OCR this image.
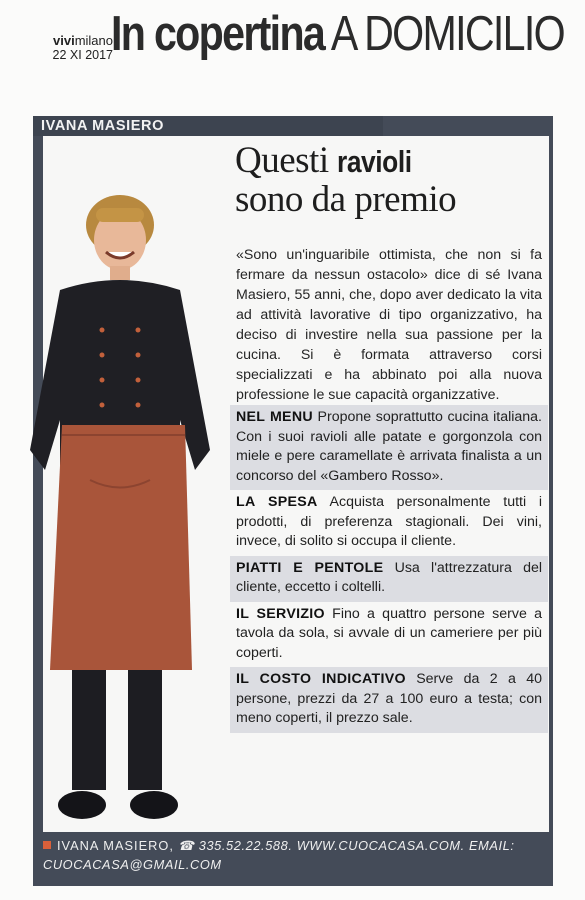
vivimilano
22 XI 2017
In copertina A DOMICILIO
IVANA MASIERO
Questi ravioli
sono da premio

«Sono un'inguaribile ottimista, che non si fa fermare da nessun ostacolo» dice di sé Ivana Masiero, 55 anni, che, dopo aver dedicato la vita ad attività lavorative di tipo organizzativo, ha deciso di investire nella sua passione per la cucina. Si è formata attraverso corsi specializzati e ha abbinato poi alla nuova professione le sue capacità organizzative.

NEL MENU Propone soprattutto cucina italiana. Con i suoi ravioli alle patate e gorgonzola con miele e pere caramellate è arrivata finalista a un concorso del «Gambero Rosso».

LA SPESA Acquista personalmente tutti i prodotti, di preferenza stagionali. Dei vini, invece, di solito si occupa il cliente.

PIATTI E PENTOLE Usa l'attrezzatura del cliente, eccetto i coltelli.

IL SERVIZIO Fino a quattro persone serve a tavola da sola, si avvale di un cameriere per più coperti.

IL COSTO INDICATIVO Serve da 2 a 40 persone, prezzi da 27 a 100 euro a testa; con meno coperti, il prezzo sale.

IVANA MASIERO, ☎ 335.52.22.588. WWW.CUOCACASA.COM. EMAIL: CUOCACASA@GMAIL.COM
